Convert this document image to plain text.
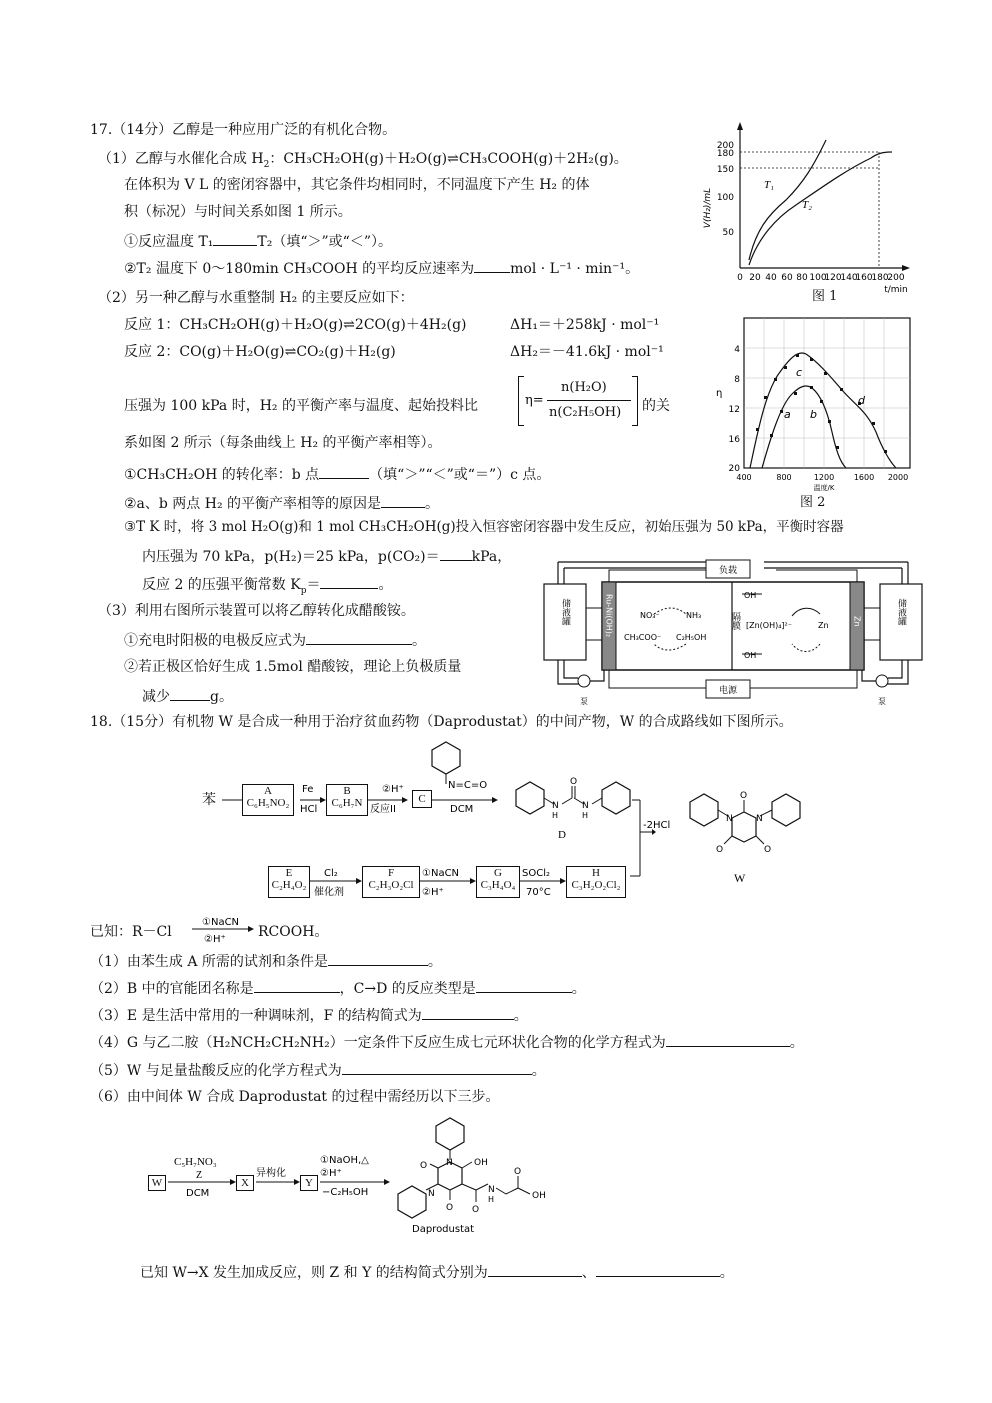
17.（14分）乙醇是一种应用广泛的有机化合物。
（1）乙醇与水催化合成 $H_2$：CH₃CH₂OH(g)＋H₂O(g)⇌CH₃COOH(g)＋2H₂(g)。
在体积为 V L 的密闭容器中，其它条件均相同时，不同温度下产生 H₂ 的体
积（标况）与时间关系如图 1 所示。
①反应温度 T₁	T₂（填“＞”或“＜”）。
②T₂ 温度下 0～180min CH₃COOH 的平均反应速率为	mol · L⁻¹ · min⁻¹。
（2）另一种乙醇与水重整制 H₂ 的主要反应如下：
反应 1：CH₃CH₂OH(g)＋H₂O(g)⇌2CO(g)＋4H₂(g)	ΔH₁＝＋258kJ · mol⁻¹
反应 2：CO(g)＋H₂O(g)⇌CO₂(g)＋H₂(g)	ΔH₂＝－41.6kJ · mol⁻¹
压强为 100 kPa 时，H₂ 的平衡产率与温度、起始投料比	η=
n(H₂O)
n(C₂H₅OH) 的关
系如图 2 所示（每条曲线上 H₂ 的平衡产率相等）。
①CH₃CH₂OH 的转化率：b 点	（填“＞”“＜”或“＝”）c 点。
②a、b 两点 H₂ 的平衡产率相等的原因是	。
③T K 时，将 3 mol H₂O(g)和 1 mol CH₃CH₂OH(g)投入恒容密闭容器中发生反应，初始压强为 50 kPa，平衡时容器
内压强为 70 kPa，p(H₂)＝25 kPa，p(CO₂)＝ kPa，
反应 2 的压强平衡常数 $K_p=$	。
（3）利用右图所示装置可以将乙醇转化成醋酸铵。
①充电时阳极的电极反应式为	。
②若正极区恰好生成 1.5mol 醋酸铵，理论上负极质量
减少	g。
200
180
150
100
50
0 20 40 60 80 100
120
140
160
180
200
t/min
V(H₂)/mL
T₁
T₂
图 1
4
8
12
16
20
400	800	1200 1600 2000
温度/K
η
a b
c
d
图 2
负载
电源
储液罐	储液罐
泵	泵
Ru-Ni(OH)₂	Zn
隔膜
NO₃⁻	NH₃
CH₃COO⁻ C₂H₅OH
OH⁻
OH⁻
[Zn(OH)₄]²⁻	Zn
18.（15分）有机物 W 是合成一种用于治疗贫血药物（Daprodustat）的中间产物，W 的合成路线如下图所示。
苯
N=C=O
N
H
O
N
H
D
-2HCl
Fe
HCl
②H⁺
反应II	DCM
A
C₆H₅NO₂
B
C₆H₇N	C
N	N
O
O	O
W
E
C₂H₄O₂
F
C₂H₃O₂Cl
G
C₃H₄O₄
H
C₃H₂O₂Cl₂
Cl₂
催化剂
①NaCN
②H⁺
SOCl₂
70°C
已知：R－Cl
①NaCN
②H⁺ RCOOH。
（1）由苯生成 A 所需的试剂和条件是	。
（2）B 中的官能团名称是	，C→D 的反应类型是	。
（3）E 是生活中常用的一种调味剂，F 的结构简式为	。
（4）G 与乙二胺（H₂NCH₂CH₂NH₂）一定条件下反应生成七元环状化合物的化学方程式为	。
（5）W 与足量盐酸反应的化学方程式为	。
（6）由中间体 W 合成 Daprodustat 的过程中需经历以下三步。
W	X	Y
C₅H₇NO₃
Z
DCM
异构化
①NaOH,△
②H⁺
−C₂H₅OH
O N OH
O
N
O
N
H
O
OH
Daprodustat
已知 W→X 发生加成反应，则 Z 和 Y 的结构简式分别为	、	。
